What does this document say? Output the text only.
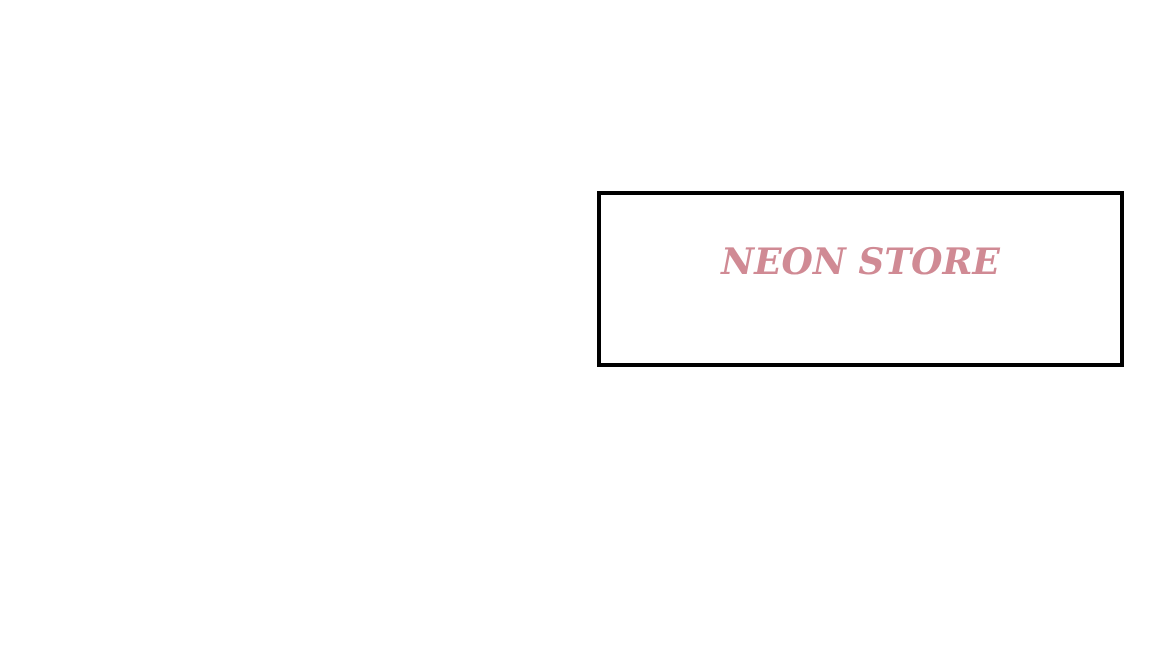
NEON STORE
